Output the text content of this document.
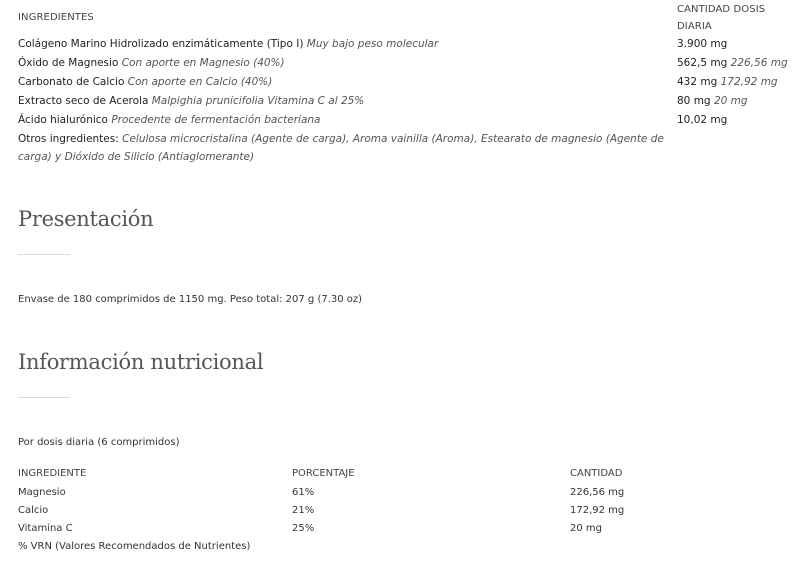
INGREDIENTES
CANTIDAD DOSIS
DIARIA
Colágeno Marino Hidrolizado enzimáticamente (Tipo I) Muy bajo peso molecular	3.900 mg
Óxido de Magnesio Con aporte en Magnesio (40%)	562,5 mg 226,56 mg
Carbonato de Calcio Con aporte en Calcio (40%)	432 mg 172,92 mg
Extracto seco de Acerola Malpighia prunicifolia Vitamina C al 25%	80 mg 20 mg
Ácido hialurónico Procedente de fermentación bacteriana	10,02 mg
Otros ingredientes: Celulosa microcristalina (Agente de carga), Aroma vainilla (Aroma), Estearato de magnesio (Agente de carga) y Dióxido de Silicio (Antiaglomerante)
Presentación
Envase de 180 comprimidos de 1150 mg. Peso total: 207 g (7.30 oz)
Información nutricional
Por dosis diaria (6 comprimidos)
INGREDIENTE	PORCENTAJE	CANTIDAD
Magnesio	61%	226,56 mg
Calcio	21%	172,92 mg
Vitamina C	25%	20 mg
% VRN (Valores Recomendados de Nutrientes)
